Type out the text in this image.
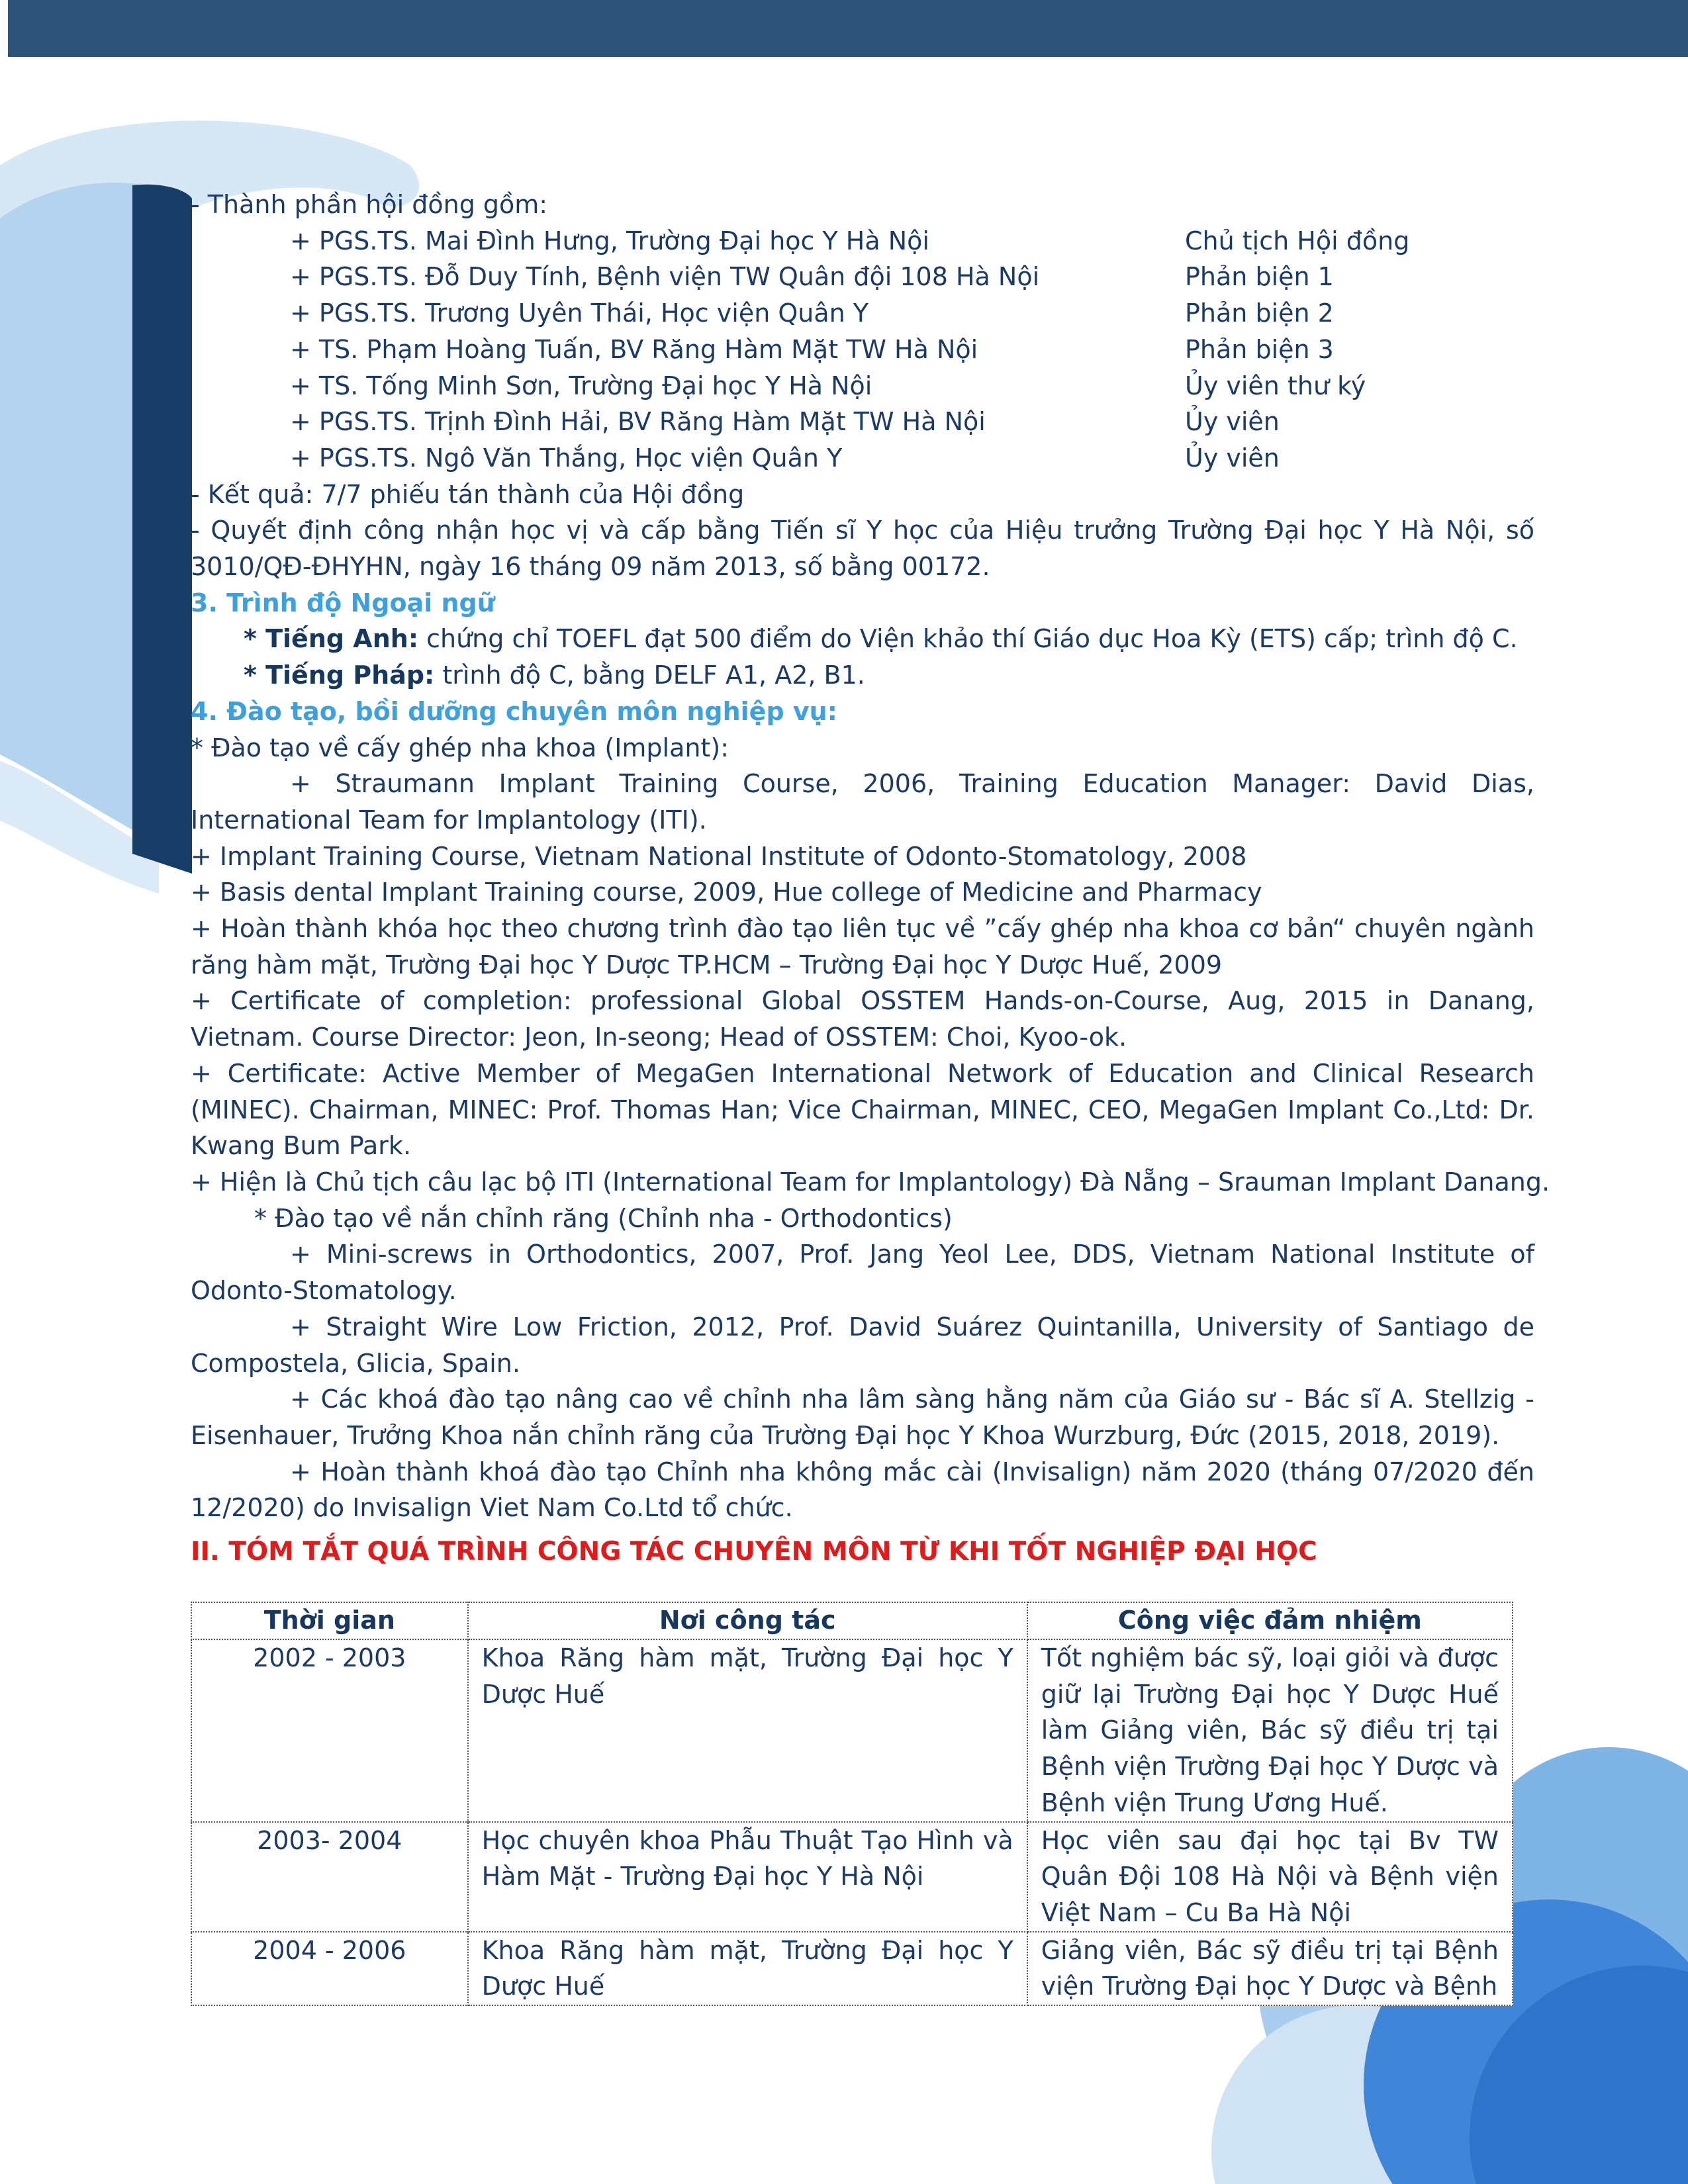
- Thành phần hội đồng gồm:
+ PGS.TS. Mai Đình Hưng, Trường Đại học Y Hà Nội	Chủ tịch Hội đồng
+ PGS.TS. Đỗ Duy Tính, Bệnh viện TW Quân đội 108 Hà Nội	Phản biện 1
+ PGS.TS. Trương Uyên Thái, Học viện Quân Y	Phản biện 2
+ TS. Phạm Hoàng Tuấn, BV Răng Hàm Mặt TW Hà Nội	Phản biện 3
+ TS. Tống Minh Sơn, Trường Đại học Y Hà Nội	Ủy viên thư ký
+ PGS.TS. Trịnh Đình Hải, BV Răng Hàm Mặt TW Hà Nội	Ủy viên
+ PGS.TS. Ngô Văn Thắng, Học viện Quân Y	Ủy viên
- Kết quả: 7/7 phiếu tán thành của Hội đồng
- Quyết định công nhận học vị và cấp bằng Tiến sĩ Y học của Hiệu trưởng Trường Đại học Y Hà Nội, số
3010/QĐ-ĐHYHN, ngày 16 tháng 09 năm 2013, số bằng 00172.
3. Trình độ Ngoại ngữ
* Tiếng Anh: chứng chỉ TOEFL đạt 500 điểm do Viện khảo thí Giáo dục Hoa Kỳ (ETS) cấp; trình độ C.
* Tiếng Pháp: trình độ C, bằng DELF A1, A2, B1.
4. Đào tạo, bồi dưỡng chuyên môn nghiệp vụ:
* Đào tạo về cấy ghép nha khoa (Implant):
+ Straumann Implant Training Course, 2006, Training Education Manager: David Dias, International Team for Implantology (ITI).
+ Implant Training Course, Vietnam National Institute of Odonto-Stomatology, 2008
+ Basis dental Implant Training course, 2009, Hue college of Medicine and Pharmacy
+ Hoàn thành khóa học theo chương trình đào tạo liên tục về ”cấy ghép nha khoa cơ bản“ chuyên ngành răng hàm mặt, Trường Đại học Y Dược TP.HCM – Trường Đại học Y Dược Huế, 2009
+ Certificate of completion: professional Global OSSTEM Hands-on-Course, Aug, 2015 in Danang, Vietnam. Course Director: Jeon, In-seong; Head of OSSTEM: Choi, Kyoo-ok.
+ Certificate: Active Member of MegaGen International Network of Education and Clinical Research (MINEC). Chairman, MINEC: Prof. Thomas Han; Vice Chairman, MINEC, CEO, MegaGen Implant Co.,Ltd: Dr. Kwang Bum Park.
+ Hiện là Chủ tịch câu lạc bộ ITI (International Team for Implantology) Đà Nẵng – Srauman Implant Danang.
* Đào tạo về nắn chỉnh răng (Chỉnh nha - Orthodontics)
+ Mini-screws in Orthodontics, 2007, Prof. Jang Yeol Lee, DDS, Vietnam National Institute of Odonto-Stomatology.
+ Straight Wire Low Friction, 2012, Prof. David Suárez Quintanilla, University of Santiago de Compostela, Glicia, Spain.
+ Các khoá đào tạo nâng cao về chỉnh nha lâm sàng hằng năm của Giáo sư - Bác sĩ A. Stellzig - Eisenhauer, Trưởng Khoa nắn chỉnh răng của Trường Đại học Y Khoa Wurzburg, Đức (2015, 2018, 2019).
+ Hoàn thành khoá đào tạo Chỉnh nha không mắc cài (Invisalign) năm 2020 (tháng 07/2020 đến 12/2020) do Invisalign Viet Nam Co.Ltd tổ chức.
II. TÓM TẮT QUÁ TRÌNH CÔNG TÁC CHUYÊN MÔN TỪ KHI TỐT NGHIỆP ĐẠI HỌC
Thời gian	Nơi công tác	Công việc đảm nhiệm
2002 - 2003	Khoa Răng hàm mặt, Trường Đại học Y Dược Huế	Tốt nghiệm bác sỹ, loại giỏi và được giữ lại Trường Đại học Y Dược Huế làm Giảng viên, Bác sỹ điều trị tại Bệnh viện Trường Đại học Y Dược và Bệnh viện Trung Ương Huế.
2003- 2004	Học chuyên khoa Phẫu Thuật Tạo Hình và Hàm Mặt - Trường Đại học Y Hà Nội	Học viên sau đại học tại Bv TW Quân Đội 108 Hà Nội và Bệnh viện Việt Nam – Cu Ba Hà Nội
2004 - 2006	Khoa Răng hàm mặt, Trường Đại học Y Dược Huế	Giảng viên, Bác sỹ điều trị tại Bệnh viện Trường Đại học Y Dược và Bệnh
